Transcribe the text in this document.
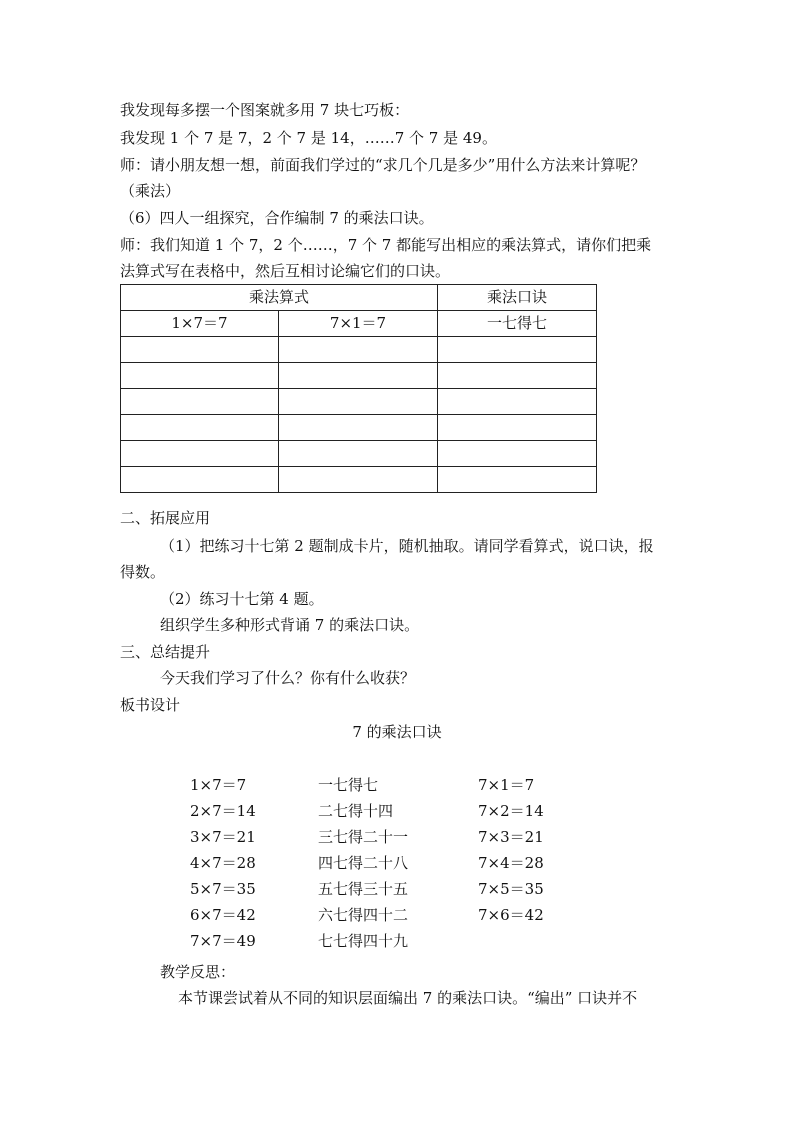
我发现每多摆一个图案就多用 7 块七巧板：
我发现 1 个 7 是 7，2 个 7 是 14，……7 个 7 是 49。
师：请小朋友想一想，前面我们学过的“求几个几是多少”用什么方法来计算呢？
（乘法）
（6）四人一组探究，合作编制 7 的乘法口诀。
师：我们知道 1 个 7，2 个……，7 个 7 都能写出相应的乘法算式，请你们把乘
法算式写在表格中，然后互相讨论编它们的口诀。
乘法算式		乘法口诀
1×7＝7	7×1＝7	一七得七

二、拓展应用
（1）把练习十七第 2 题制成卡片，随机抽取。请同学看算式，说口诀，报
得数。
（2）练习十七第 4 题。
组织学生多种形式背诵 7 的乘法口诀。
三、总结提升
今天我们学习了什么？你有什么收获？
板书设计
7 的乘法口诀
1×7＝7	一七得七	7×1＝7
2×7＝14	二七得十四	7×2＝14
3×7＝21	三七得二十一	7×3＝21
4×7＝28	四七得二十八	7×4＝28
5×7＝35	五七得三十五	7×5＝35
6×7＝42	六七得四十二	7×6＝42
7×7＝49	七七得四十九
教学反思：
本节课尝试着从不同的知识层面编出 7 的乘法口诀。“编出” 口诀并不
